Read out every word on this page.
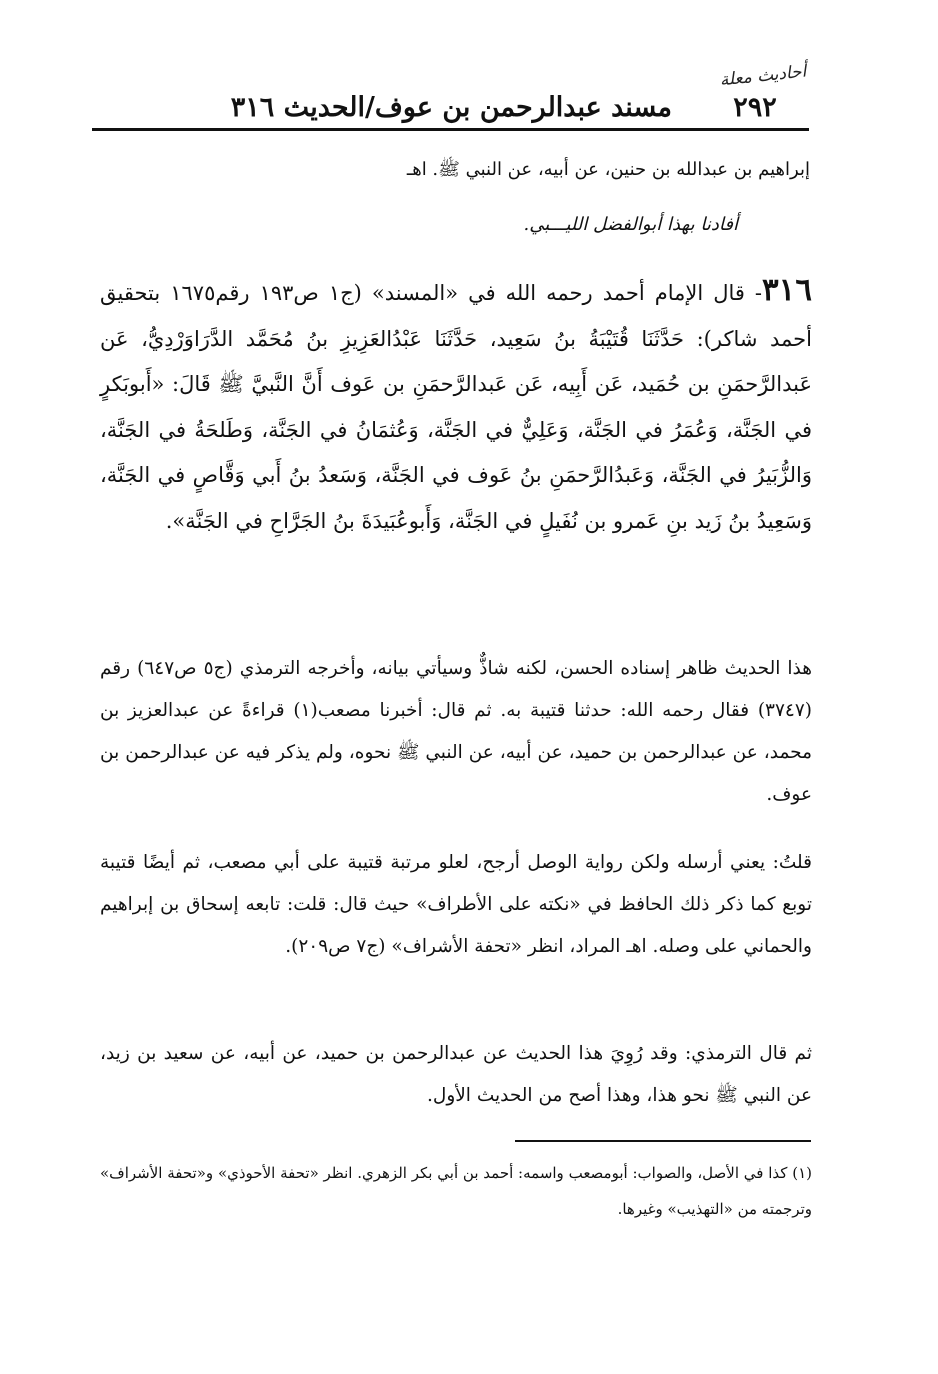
أحاديث معلة
٢٩٢
مسند عبدالرحمن بن عوف/الحديث ٣١٦
إبراهيم بن عبدالله بن حنين، عن أبيه، عن النبي ﷺ. اهـ
أفادنا بهذا أبوالفضل الليـــبي.
٣١٦- قال الإمام أحمد رحمه الله في «المسند» (ج١ ص١٩٣ رقم١٦٧٥ بتحقيق أحمد شاكر): حَدَّثَنَا قُتَيْبَةُ بنُ سَعِيد، حَدَّثَنَا عَبْدُالعَزِيزِ بنُ مُحَمَّد الدَّرَاوَرْدِيُّ، عَن عَبدالرَّحمَنِ بن حُمَيد، عَن أَبِيه، عَن عَبدالرَّحمَنِ بن عَوف أَنَّ النَّبيَّ ﷺ قَالَ: «أَبوبَكرٍ في الجَنَّة، وَعُمَرُ في الجَنَّة، وَعَلِيٌّ في الجَنَّة، وَعُثمَانُ في الجَنَّة، وَطَلحَةُ في الجَنَّة، وَالزُّبَيرُ في الجَنَّة، وَعَبدُالرَّحمَنِ بنُ عَوف في الجَنَّة، وَسَعدُ بنُ أَبي وَقَّاصٍ في الجَنَّة، وَسَعِيدُ بنُ زَيد بنِ عَمرو بن نُفَيلٍ في الجَنَّة، وَأَبوعُبَيدَةَ بنُ الجَرَّاحِ في الجَنَّة».
هذا الحديث ظاهر إسناده الحسن، لكنه شاذٌّ وسيأتي بيانه، وأخرجه الترمذي (ج٥ ص٦٤٧) رقم (٣٧٤٧) فقال رحمه الله: حدثنا قتيبة به. ثم قال: أخبرنا مصعب(١) قراءةً عن عبدالعزيز بن محمد، عن عبدالرحمن بن حميد، عن أبيه، عن النبي ﷺ نحوه، ولم يذكر فيه عن عبدالرحمن بن عوف.
قلتُ: يعني أرسله ولكن رواية الوصل أرجح، لعلو مرتبة قتيبة على أبي مصعب، ثم أيضًا قتيبة توبع كما ذكر ذلك الحافظ في «نكته على الأطراف» حيث قال: قلت: تابعه إسحاق بن إبراهيم والحماني على وصله. اهـ المراد، انظر «تحفة الأشراف» (ج٧ ص٢٠٩).
ثم قال الترمذي: وقد رُوِيَ هذا الحديث عن عبدالرحمن بن حميد، عن أبيه، عن سعيد بن زيد، عن النبي ﷺ نحو هذا، وهذا أصح من الحديث الأول.
(١) كذا في الأصل، والصواب: أبومصعب واسمه: أحمد بن أبي بكر الزهري. انظر «تحفة الأحوذي» و«تحفة الأشراف» وترجمته من «التهذيب» وغيرها.
